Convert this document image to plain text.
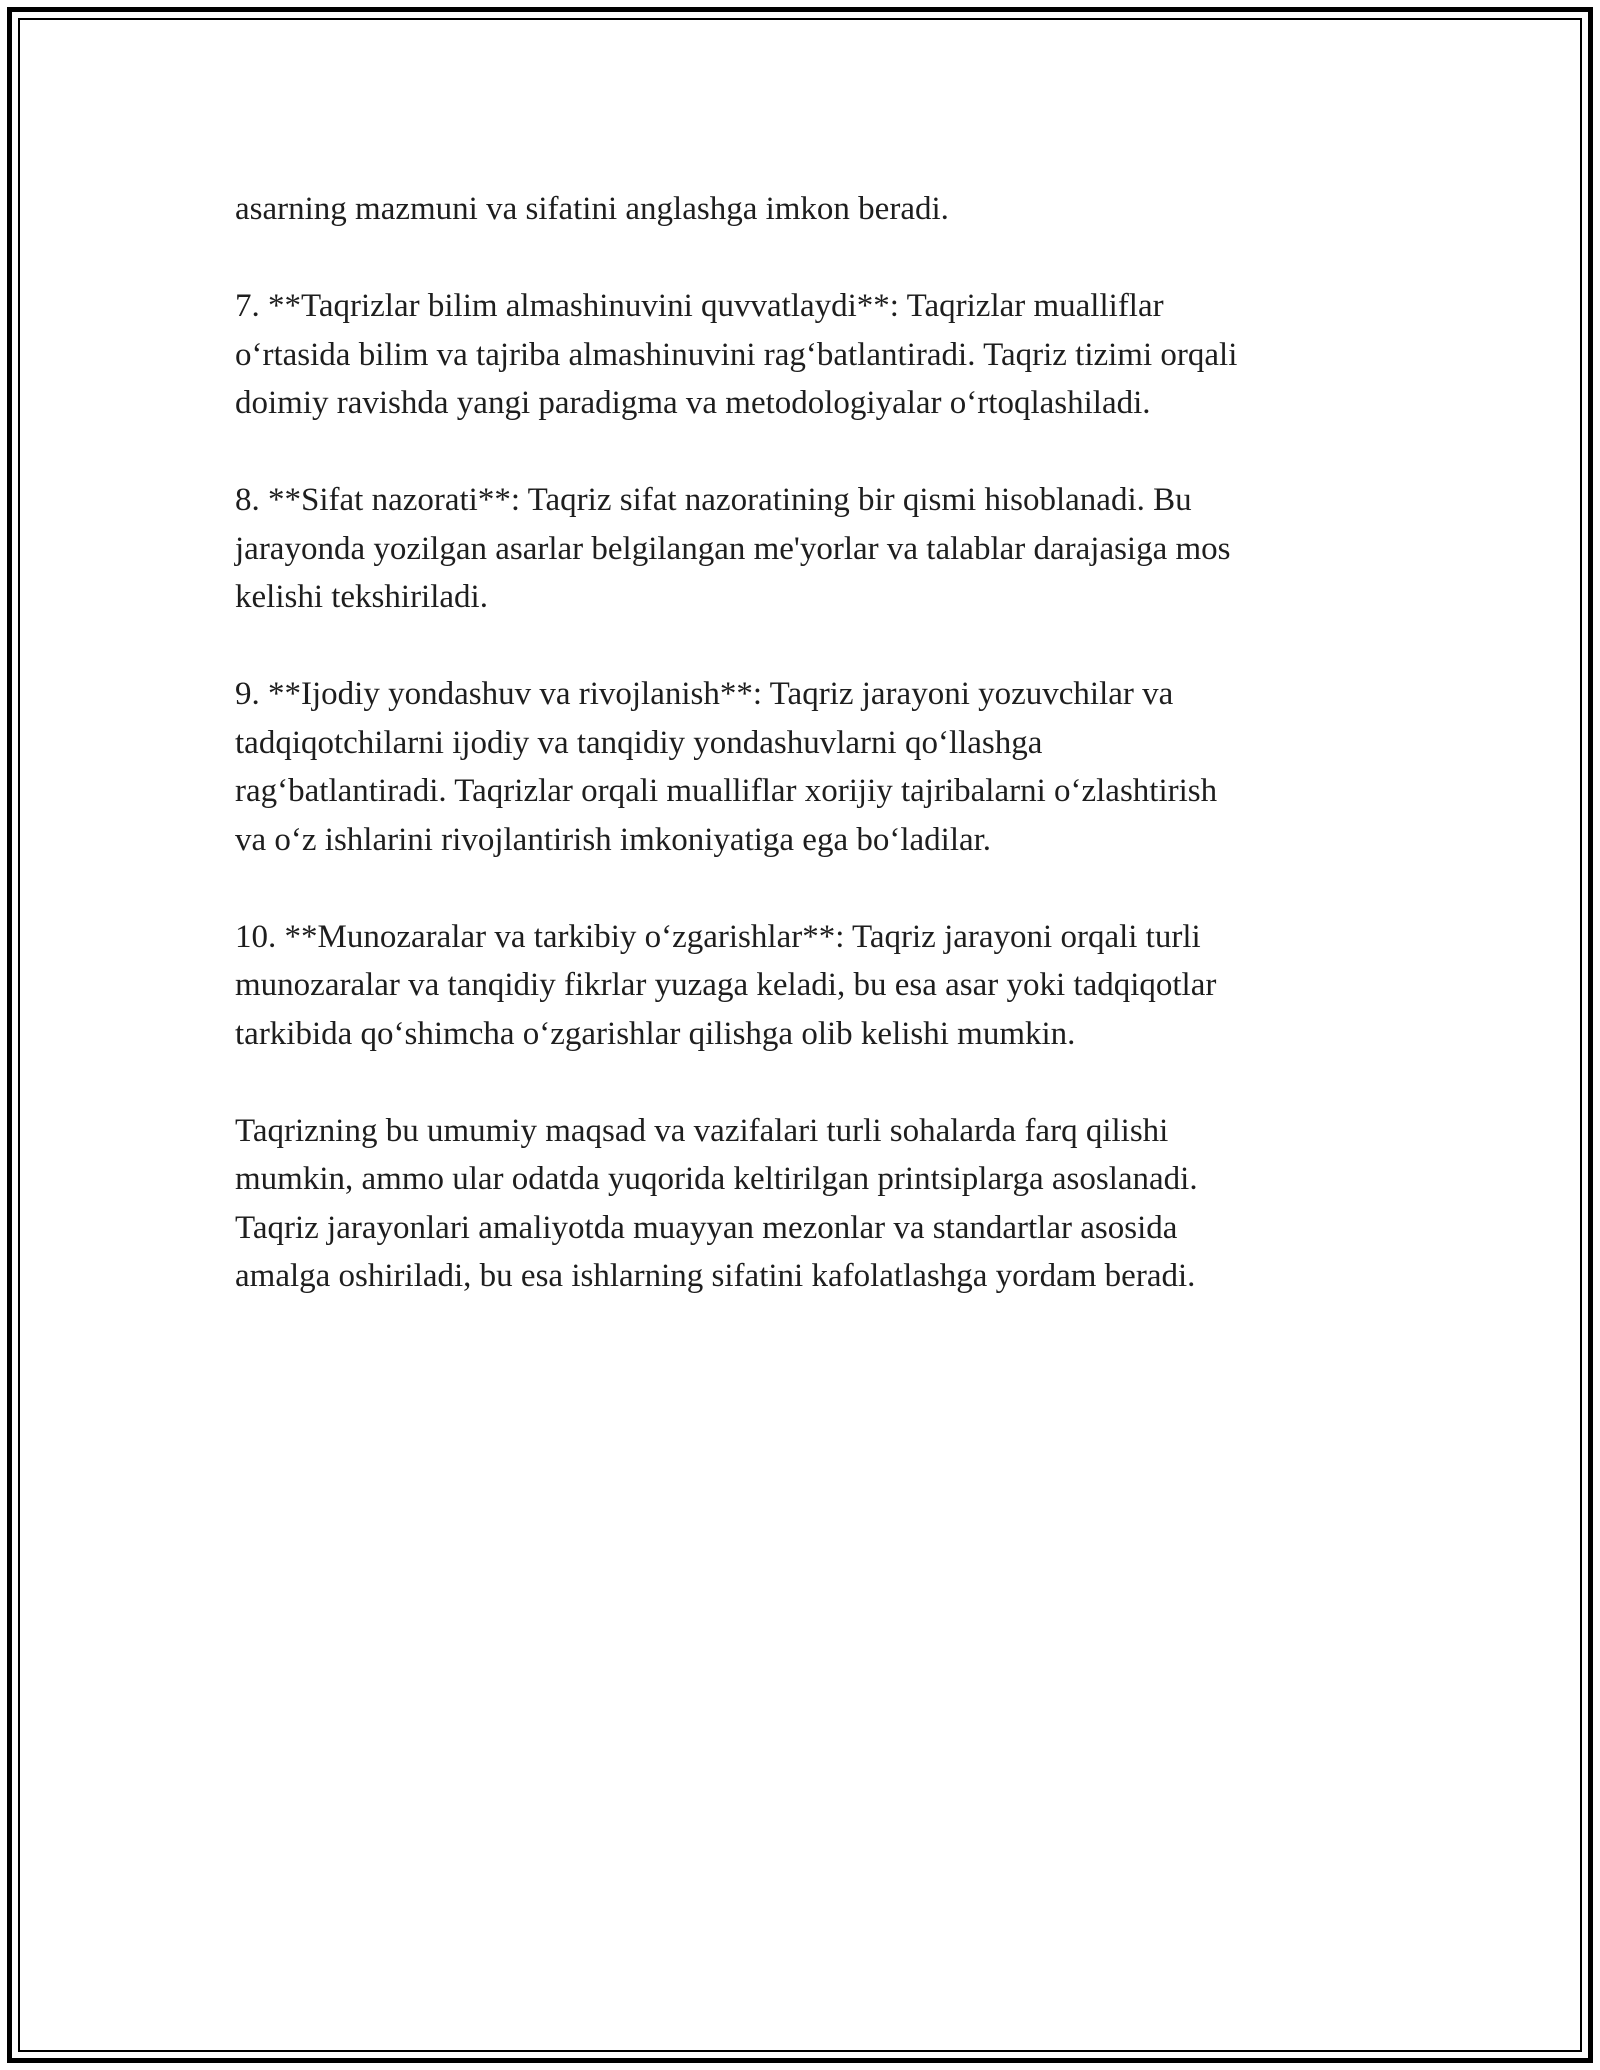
asarning mazmuni va sifatini anglashga imkon beradi.

7. **Taqrizlar bilim almashinuvini quvvatlaydi**: Taqrizlar mualliflar
o‘rtasida bilim va tajriba almashinuvini rag‘batlantiradi. Taqriz tizimi orqali
doimiy ravishda yangi paradigma va metodologiyalar o‘rtoqlashiladi.

8. **Sifat nazorati**: Taqriz sifat nazoratining bir qismi hisoblanadi. Bu
jarayonda yozilgan asarlar belgilangan me'yorlar va talablar darajasiga mos
kelishi tekshiriladi.

9. **Ijodiy yondashuv va rivojlanish**: Taqriz jarayoni yozuvchilar va
tadqiqotchilarni ijodiy va tanqidiy yondashuvlarni qo‘llashga
rag‘batlantiradi. Taqrizlar orqali mualliflar xorijiy tajribalarni o‘zlashtirish
va o‘z ishlarini rivojlantirish imkoniyatiga ega bo‘ladilar.

10. **Munozaralar va tarkibiy o‘zgarishlar**: Taqriz jarayoni orqali turli
munozaralar va tanqidiy fikrlar yuzaga keladi, bu esa asar yoki tadqiqotlar
tarkibida qo‘shimcha o‘zgarishlar qilishga olib kelishi mumkin.

Taqrizning bu umumiy maqsad va vazifalari turli sohalarda farq qilishi
mumkin, ammo ular odatda yuqorida keltirilgan printsiplarga asoslanadi.
Taqriz jarayonlari amaliyotda muayyan mezonlar va standartlar asosida
amalga oshiriladi, bu esa ishlarning sifatini kafolatlashga yordam beradi.
